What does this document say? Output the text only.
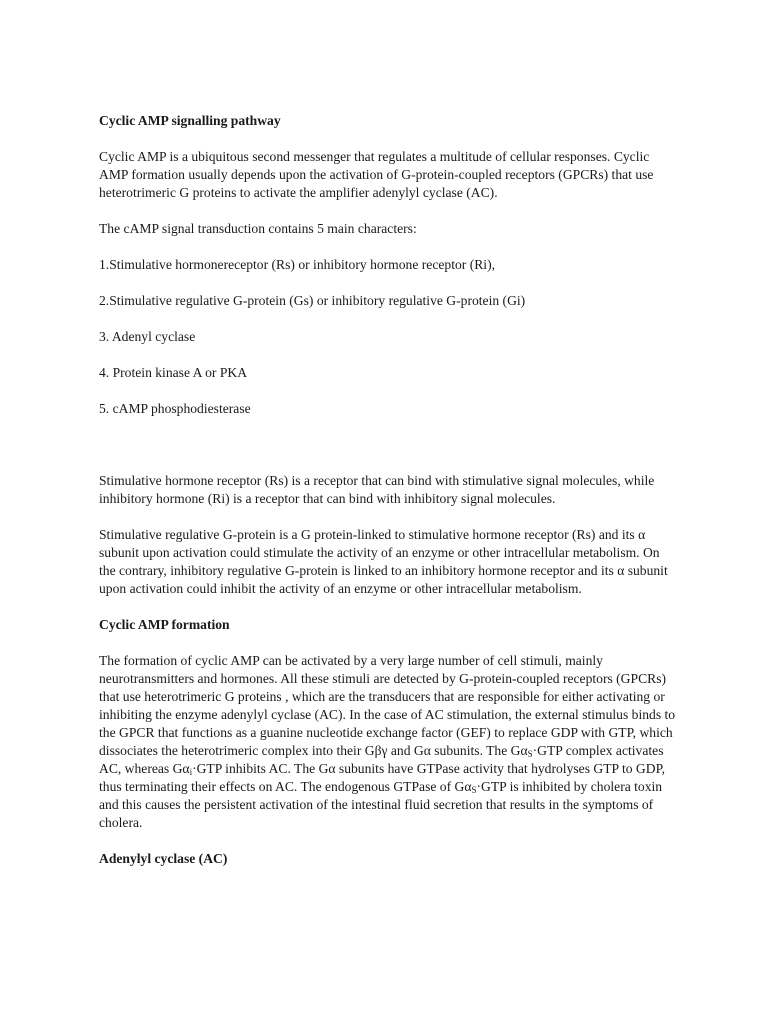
Cyclic AMP signalling pathway

Cyclic AMP is a ubiquitous second messenger that regulates a multitude of cellular responses. Cyclic AMP formation usually depends upon the activation of G-protein-coupled receptors (GPCRs) that use heterotrimeric G proteins to activate the amplifier adenylyl cyclase (AC).

The cAMP signal transduction contains 5 main characters:

1.Stimulative hormonereceptor (Rs) or inhibitory hormone receptor (Ri),

2.Stimulative regulative G-protein (Gs) or inhibitory regulative G-protein (Gi)

3. Adenyl cyclase

4. Protein kinase A or PKA

5. cAMP phosphodiesterase

Stimulative hormone receptor (Rs) is a receptor that can bind with stimulative signal molecules, while inhibitory hormone (Ri) is a receptor that can bind with inhibitory signal molecules.

Stimulative regulative G-protein is a G protein-linked to stimulative hormone receptor (Rs) and its α subunit upon activation could stimulate the activity of an enzyme or other intracellular metabolism. On the contrary, inhibitory regulative G-protein is linked to an inhibitory hormone receptor and its α subunit upon activation could inhibit the activity of an enzyme or other intracellular metabolism.

Cyclic AMP formation

The formation of cyclic AMP can be activated by a very large number of cell stimuli, mainly neurotransmitters and hormones. All these stimuli are detected by G-protein-coupled receptors (GPCRs) that use heterotrimeric G proteins , which are the transducers that are responsible for either activating or inhibiting the enzyme adenylyl cyclase (AC). In the case of AC stimulation, the external stimulus binds to the GPCR that functions as a guanine nucleotide exchange factor (GEF) to replace GDP with GTP, which dissociates the heterotrimeric complex into their Gβγ and Gα subunits. The $G\alpha_S\cdot GTP$ complex activates AC, whereas $G\alpha_i\cdot GTP$ inhibits AC. The Gα subunits have GTPase activity that hydrolyses GTP to GDP, thus terminating their effects on AC. The endogenous GTPase of $G\alpha_S\cdot GTP$ is inhibited by cholera toxin and this causes the persistent activation of the intestinal fluid secretion that results in the symptoms of cholera.

Adenylyl cyclase (AC)
